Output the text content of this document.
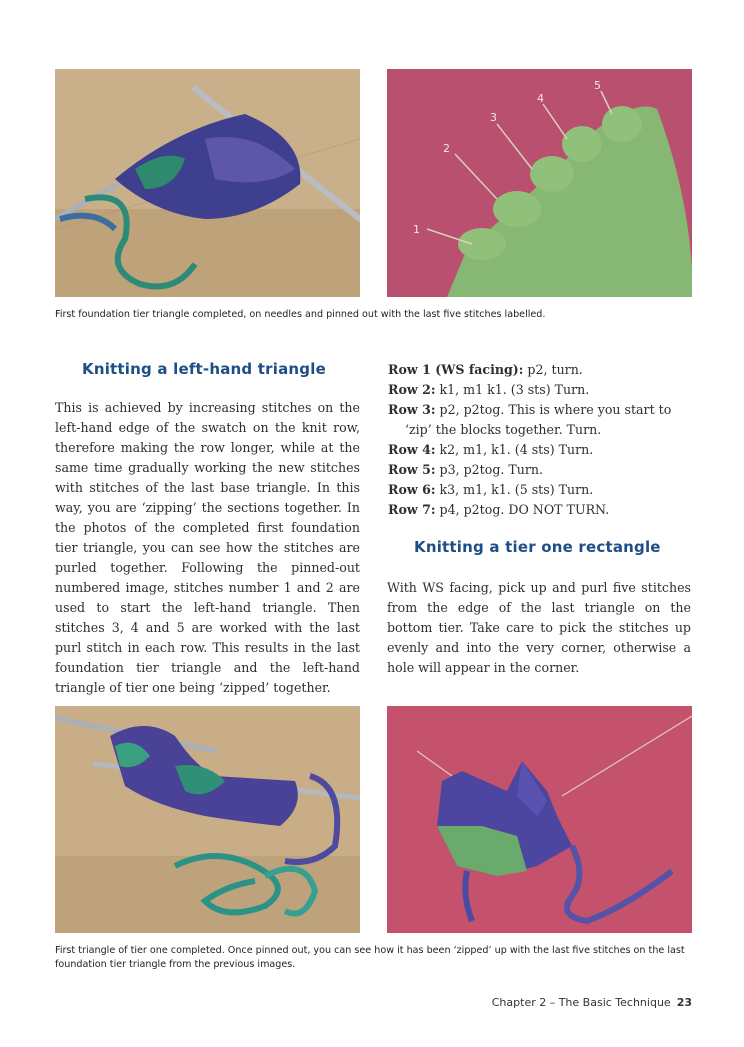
1
2
3
4
5
First foundation tier triangle completed, on needles and pinned out with the last five stitches labelled.
Knitting a left-hand triangle

This is achieved by increasing stitches on the left-hand edge of the swatch on the knit row, therefore making the row longer, while at the same time gradually working the new stitches with stitches of the last base triangle. In this way, you are ‘zipping’ the sections together. In the photos of the completed first foundation tier triangle, you can see how the stitches are purled together. Following the pinned-out numbered image, stitches number 1 and 2 are used to start the left-hand triangle. Then stitches 3, 4 and 5 are worked with the last purl stitch in each row. This results in the last foundation tier triangle and the left-hand triangle of tier one being ‘zipped’ together.

Row 1 (WS facing): p2, turn.

Row 2: k1, m1 k1. (3 sts) Turn.

Row 3: p2, p2tog. This is where you start to ‘zip’ the blocks together. Turn.

Row 4: k2, m1, k1. (4 sts) Turn.

Row 5: p3, p2tog. Turn.

Row 6: k3, m1, k1. (5 sts) Turn.

Row 7: p4, p2tog. DO NOT TURN.

Knitting a tier one rectangle

With WS facing, pick up and purl five stitches from the edge of the last triangle on the bottom tier. Take care to pick the stitches up evenly and into the very corner, otherwise a hole will appear in the corner.

First triangle of tier one completed. Once pinned out, you can see how it has been ‘zipped’ up with the last five stitches on the last foundation tier triangle from the previous images.
Chapter 2 – The Basic Technique 23
